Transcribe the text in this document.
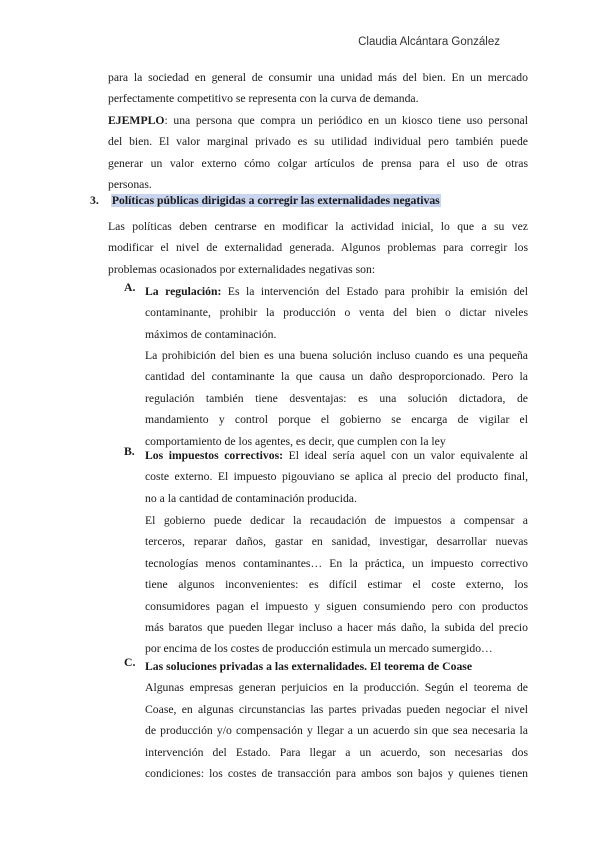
Claudia Alcántara González
para la sociedad en general de consumir una unidad más del bien. En un mercado
perfectamente competitivo se representa con la curva de demanda.
EJEMPLO: una persona que compra un periódico en un kiosco tiene uso personal
del bien. El valor marginal privado es su utilidad individual pero también puede
generar un valor externo cómo colgar artículos de prensa para el uso de otras
personas.
3. Políticas públicas dirigidas a corregir las externalidades negativas
Las políticas deben centrarse en modificar la actividad inicial, lo que a su vez
modificar el nivel de externalidad generada. Algunos problemas para corregir los
problemas ocasionados por externalidades negativas son:
A. La regulación: Es la intervención del Estado para prohibir la emisión del
contaminante, prohibir la producción o venta del bien o dictar niveles
máximos de contaminación.
La prohibición del bien es una buena solución incluso cuando es una pequeña
cantidad del contaminante la que causa un daño desproporcionado. Pero la
regulación también tiene desventajas: es una solución dictadora, de
mandamiento y control porque el gobierno se encarga de vigilar el
comportamiento de los agentes, es decir, que cumplen con la ley
B. Los impuestos correctivos: El ideal sería aquel con un valor equivalente al
coste externo. El impuesto pigouviano se aplica al precio del producto final,
no a la cantidad de contaminación producida.
El gobierno puede dedicar la recaudación de impuestos a compensar a
terceros, reparar daños, gastar en sanidad, investigar, desarrollar nuevas
tecnologías menos contaminantes… En la práctica, un impuesto correctivo
tiene algunos inconvenientes: es difícil estimar el coste externo, los
consumidores pagan el impuesto y siguen consumiendo pero con productos
más baratos que pueden llegar incluso a hacer más daño, la subida del precio
por encima de los costes de producción estimula un mercado sumergido…
C. Las soluciones privadas a las externalidades. El teorema de Coase
Algunas empresas generan perjuicios en la producción. Según el teorema de
Coase, en algunas circunstancias las partes privadas pueden negociar el nivel
de producción y/o compensación y llegar a un acuerdo sin que sea necesaria la
intervención del Estado. Para llegar a un acuerdo, son necesarias dos
condiciones: los costes de transacción para ambos son bajos y quienes tienen
